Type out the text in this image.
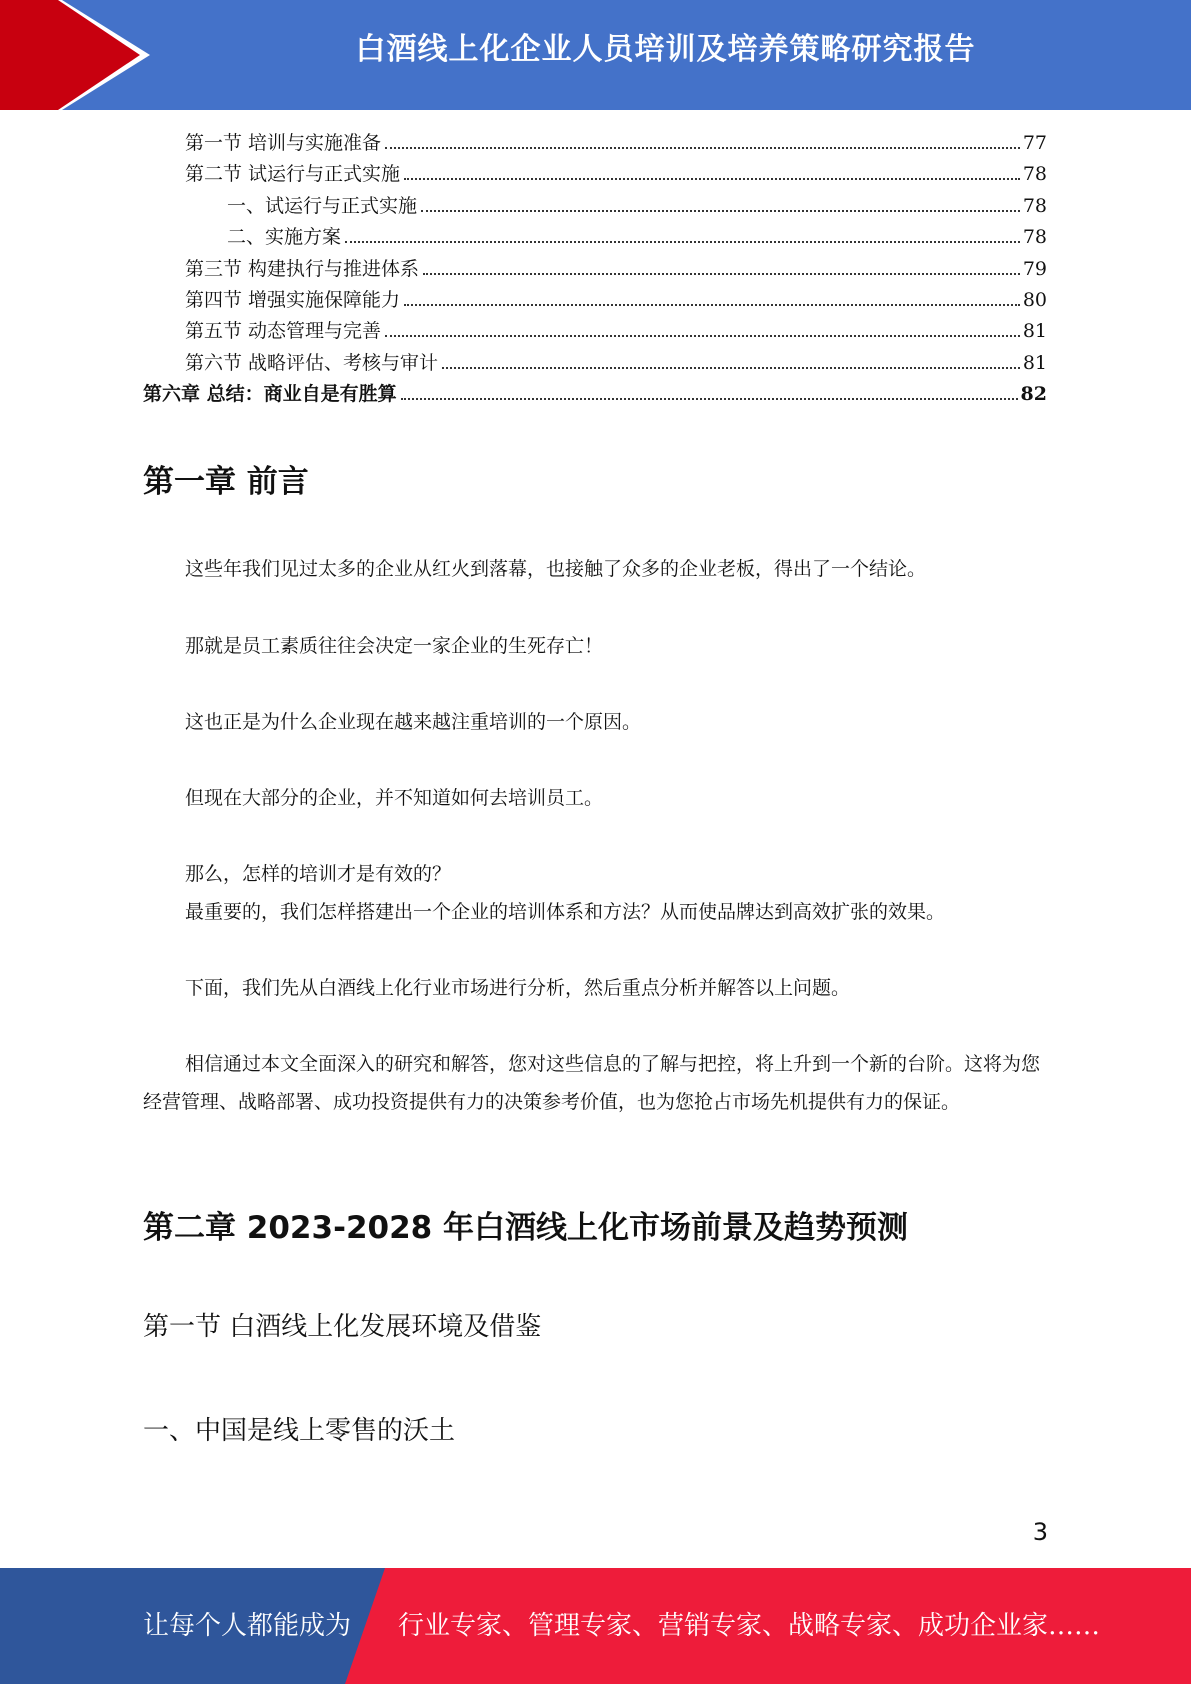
白酒线上化企业人员培训及培养策略研究报告
第一节 培训与实施准备	77
第二节 试运行与正式实施	78
一、试运行与正式实施	78
二、实施方案	78
第三节 构建执行与推进体系	79
第四节 增强实施保障能力	80
第五节 动态管理与完善	81
第六节 战略评估、考核与审计	81
第六章 总结：商业自是有胜算	82
第一章 前言
这些年我们见过太多的企业从红火到落幕，也接触了众多的企业老板，得出了一个结论。
那就是员工素质往往会决定一家企业的生死存亡！
这也正是为什么企业现在越来越注重培训的一个原因。
但现在大部分的企业，并不知道如何去培训员工。
那么，怎样的培训才是有效的？
最重要的，我们怎样搭建出一个企业的培训体系和方法？从而使品牌达到高效扩张的效果。
下面，我们先从白酒线上化行业市场进行分析，然后重点分析并解答以上问题。
相信通过本文全面深入的研究和解答，您对这些信息的了解与把控，将上升到一个新的台阶。这将为您经营管理、战略部署、成功投资提供有力的决策参考价值，也为您抢占市场先机提供有力的保证。
第二章 2023-2028 年白酒线上化市场前景及趋势预测
第一节 白酒线上化发展环境及借鉴
一、中国是线上零售的沃土
3
让每个人都能成为 行业专家、管理专家、营销专家、战略专家、成功企业家……
